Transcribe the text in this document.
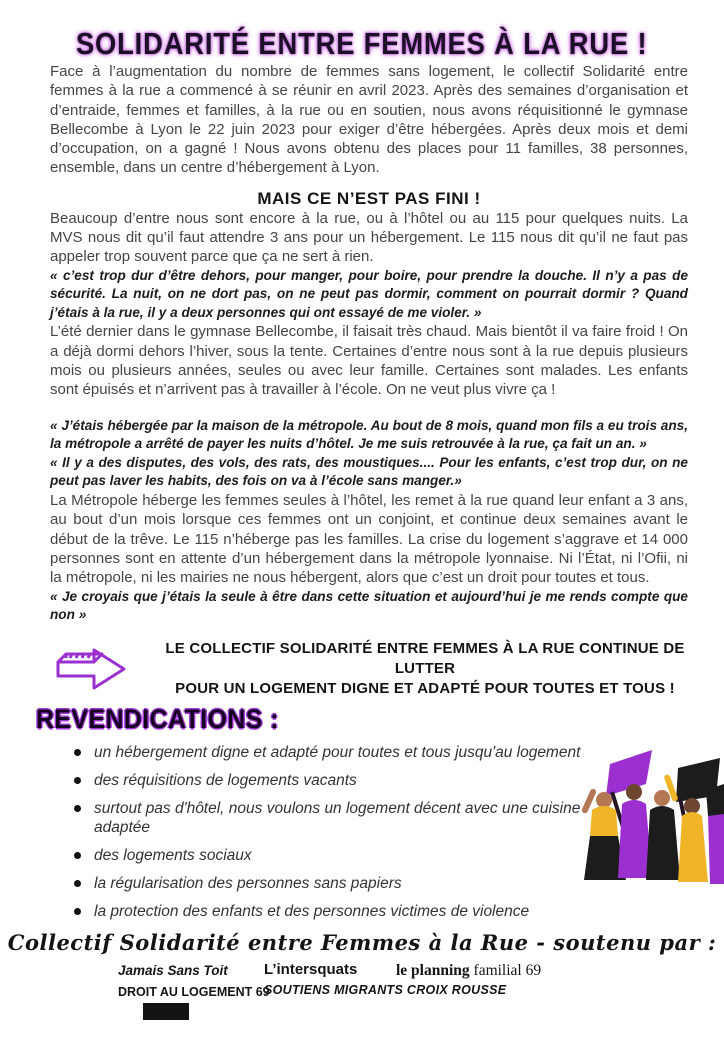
SOLIDARITÉ ENTRE FEMMES À LA RUE !

Face à l’augmentation du nombre de femmes sans logement, le collectif Solidarité entre femmes à la rue a commencé à se réunir en avril 2023. Après des semaines d’organisation et d’entraide, femmes et familles, à la rue ou en soutien, nous avons réquisitionné le gymnase Bellecombe à Lyon le 22 juin 2023 pour exiger d’être hébergées. Après deux mois et demi d’occupation, on a gagné ! Nous avons obtenu des places pour 11 familles, 38 personnes, ensemble, dans un centre d’hébergement à Lyon.

MAIS CE N’EST PAS FINI !

Beaucoup d’entre nous sont encore à la rue, ou à l’hôtel ou au 115 pour quelques nuits. La MVS nous dit qu’il faut attendre 3 ans pour un hébergement. Le 115 nous dit qu’il ne faut pas appeler trop souvent parce que ça ne sert à rien.

« c’est trop dur d’être dehors, pour manger, pour boire, pour prendre la douche. Il n’y a pas de sécurité. La nuit, on ne dort pas, on ne peut pas dormir, comment on pourrait dormir ? Quand j’étais à la rue, il y a deux personnes qui ont essayé de me violer. »

L’été dernier dans le gymnase Bellecombe, il faisait très chaud. Mais bientôt il va faire froid ! On a déjà dormi dehors l’hiver, sous la tente. Certaines d’entre nous sont à la rue depuis plusieurs mois ou plusieurs années, seules ou avec leur famille. Certaines sont malades. Les enfants sont épuisés et n’arrivent pas à travailler à l’école. On ne veut plus vivre ça !

« J’étais hébergée par la maison de la métropole. Au bout de 8 mois, quand mon fils a eu trois ans, la métropole a arrêté de payer les nuits d’hôtel. Je me suis retrouvée à la rue, ça fait un an. »

« Il y a des disputes, des vols, des rats, des moustiques.... Pour les enfants, c’est trop dur, on ne peut pas laver les habits, des fois on va à l’école sans manger.»

La Métropole héberge les femmes seules à l’hôtel, les remet à la rue quand leur enfant a 3 ans, au bout d’un mois lorsque ces femmes ont un conjoint, et continue deux semaines avant le début de la trêve. Le 115 n’héberge pas les familles. La crise du logement s’aggrave et 14 000 personnes sont en attente d’un hébergement dans la métropole lyonnaise. Ni l’État, ni l’Ofii, ni la métropole, ni les mairies ne nous hébergent, alors que c’est un droit pour toutes et tous.

« Je croyais que j’étais la seule à être dans cette situation et aujourd’hui je me rends compte que non »

LE COLLECTIF SOLIDARITÉ ENTRE FEMMES À LA RUE CONTINUE DE LUTTER
POUR UN LOGEMENT DIGNE ET ADAPTÉ POUR TOUTES ET TOUS !
REVENDICATIONS :
un hébergement digne et adapté pour toutes et tous jusqu'au logement
des réquisitions de logements vacants
surtout pas d'hôtel, nous voulons un logement décent avec une cuisine adaptée
des logements sociaux
la régularisation des personnes sans papiers
la protection des enfants et des personnes victimes de violence
Collectif Solidarité entre Femmes à la Rue - soutenu par :
Jamais Sans Toit
DROIT AU LOGEMENT 69
L’intersquats
SOUTIENS MIGRANTS CROIX ROUSSE
le planning familial 69
